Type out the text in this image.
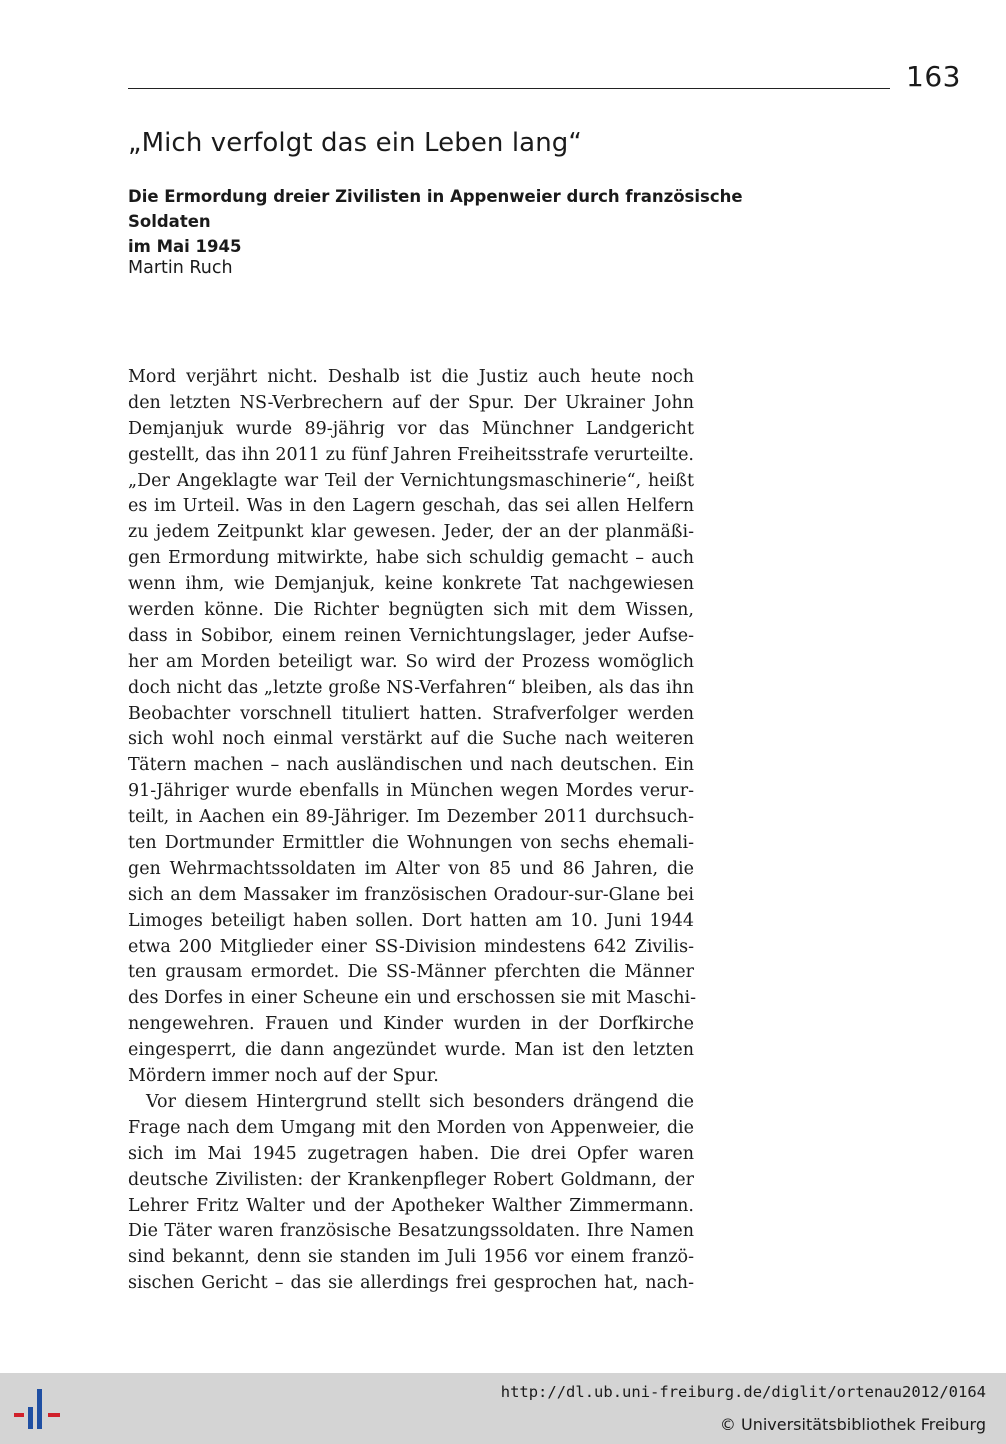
163
„Mich verfolgt das ein Leben lang“
Die Ermordung dreier Zivilisten in Appenweier durch französische Soldaten
im Mai 1945
Martin Ruch
Mord verjährt nicht. Deshalb ist die Justiz auch heute noch
den letzten NS-Verbrechern auf der Spur. Der Ukrainer John
Demjanjuk wurde 89-jährig vor das Münchner Landgericht
gestellt, das ihn 2011 zu fünf Jahren Freiheitsstrafe verurteilte.
„Der Angeklagte war Teil der Vernichtungsmaschinerie“, heißt
es im Urteil. Was in den Lagern geschah, das sei allen Helfern
zu jedem Zeitpunkt klar gewesen. Jeder, der an der planmäßi-
gen Ermordung mitwirkte, habe sich schuldig gemacht – auch
wenn ihm, wie Demjanjuk, keine konkrete Tat nachgewiesen
werden könne. Die Richter begnügten sich mit dem Wissen,
dass in Sobibor, einem reinen Vernichtungslager, jeder Aufse-
her am Morden beteiligt war. So wird der Prozess womöglich
doch nicht das „letzte große NS-Verfahren“ bleiben, als das ihn
Beobachter vorschnell tituliert hatten. Strafverfolger werden
sich wohl noch einmal verstärkt auf die Suche nach weiteren
Tätern machen – nach ausländischen und nach deutschen. Ein
91-Jähriger wurde ebenfalls in München wegen Mordes verur-
teilt, in Aachen ein 89-Jähriger. Im Dezember 2011 durchsuch-
ten Dortmunder Ermittler die Wohnungen von sechs ehemali-
gen Wehrmachtssoldaten im Alter von 85 und 86 Jahren, die
sich an dem Massaker im französischen Oradour-sur-Glane bei
Limoges beteiligt haben sollen. Dort hatten am 10. Juni 1944
etwa 200 Mitglieder einer SS-Division mindestens 642 Zivilis-
ten grausam ermordet. Die SS-Männer pferchten die Männer
des Dorfes in einer Scheune ein und erschossen sie mit Maschi-
nengewehren. Frauen und Kinder wurden in der Dorfkirche
eingesperrt, die dann angezündet wurde. Man ist den letzten
Mördern immer noch auf der Spur.
Vor diesem Hintergrund stellt sich besonders drängend die
Frage nach dem Umgang mit den Morden von Appenweier, die
sich im Mai 1945 zugetragen haben. Die drei Opfer waren
deutsche Zivilisten: der Krankenpfleger Robert Goldmann, der
Lehrer Fritz Walter und der Apotheker Walther Zimmermann.
Die Täter waren französische Besatzungssoldaten. Ihre Namen
sind bekannt, denn sie standen im Juli 1956 vor einem franzö-
sischen Gericht – das sie allerdings frei gesprochen hat, nach-
http://dl.ub.uni-freiburg.de/diglit/ortenau2012/0164
© Universitätsbibliothek Freiburg
